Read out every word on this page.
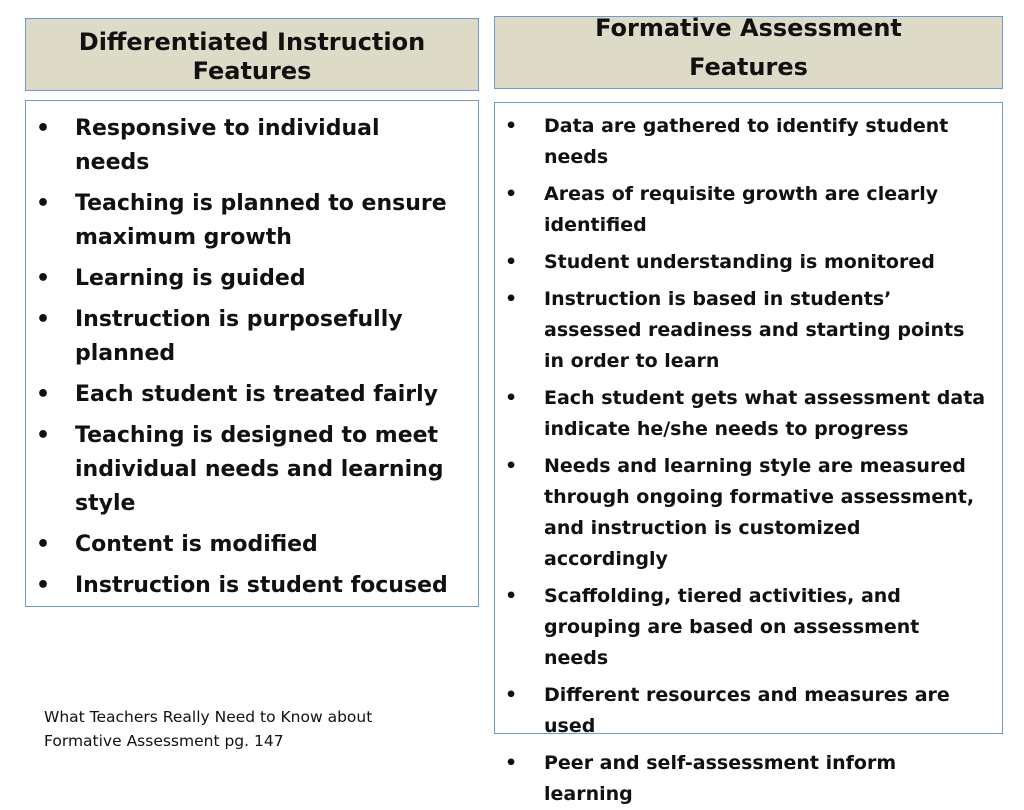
Differentiated Instruction
Features
Formative Assessment
Features
• Responsive to individual needs
• Teaching is planned to ensure maximum growth
• Learning is guided
• Instruction is purposefully planned
• Each student is treated fairly
• Teaching is designed to meet individual needs and learning style
• Content is modified
• Instruction is student focused
• Data are gathered to identify student needs
• Areas of requisite growth are clearly identified
• Student understanding is monitored
• Instruction is based in students’ assessed readiness and starting points in order to learn
• Each student gets what assessment data indicate he/she needs to progress
• Needs and learning style are measured through ongoing formative assessment, and instruction is customized accordingly
• Scaffolding, tiered activities, and grouping are based on assessment needs
• Different resources and measures are used
• Peer and self-assessment inform learning
What Teachers Really Need to Know about
Formative Assessment pg. 147
